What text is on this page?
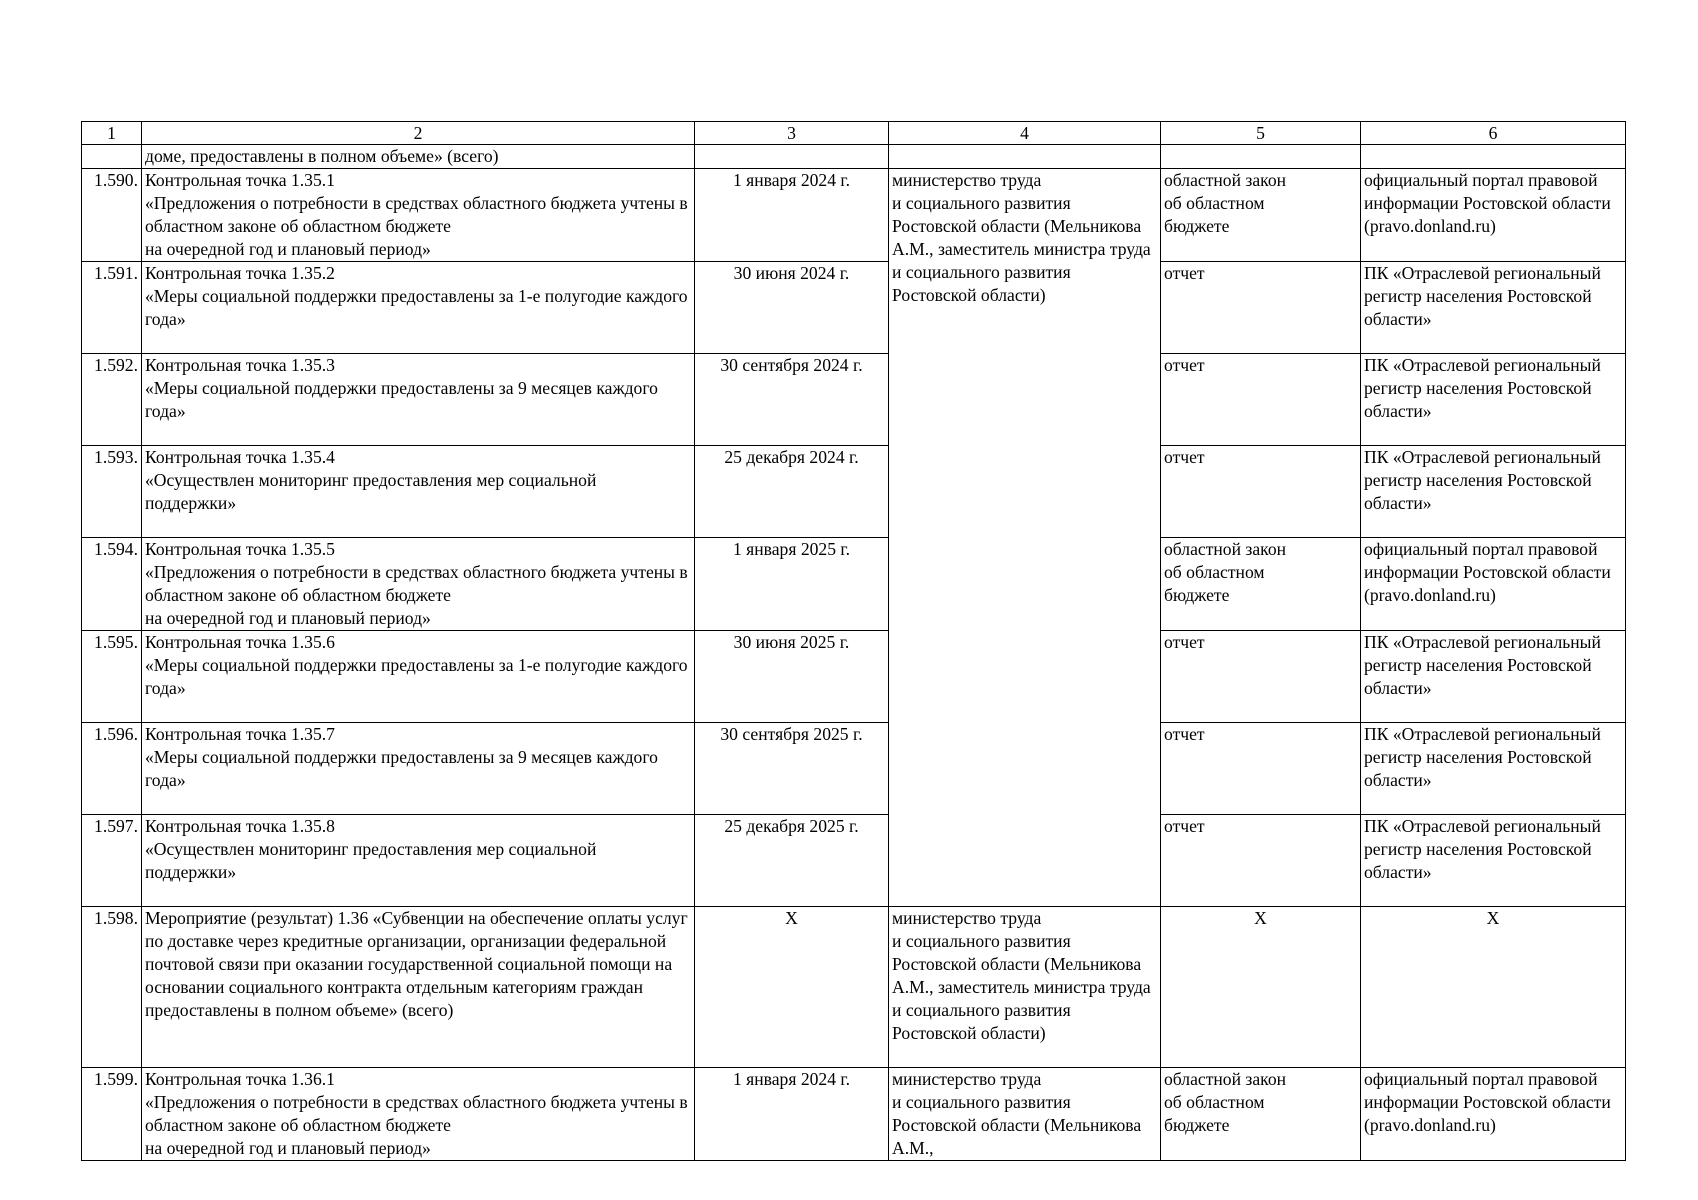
1	2	3	4	5	6
	доме, предоставлены в полном объеме» (всего)				
1.590.	Контрольная точка 1.35.1
«Предложения о потребности в средствах областного бюджета учтены в областном законе об областном бюджете
на очередной год и плановый период»	1 января 2024 г.	министерство труда
и социального развития Ростовской области (Мельникова А.М., заместитель министра труда и социального развития Ростовской области)	областной закон
об областном
бюджете	официальный портал правовой информации Ростовской области (pravo.donland.ru)
1.591.	Контрольная точка 1.35.2
«Меры социальной поддержки предоставлены за 1-е полугодие каждого года»	30 июня 2024 г.		отчет	ПК «Отраслевой региональный регистр населения Ростовской области»
1.592.	Контрольная точка 1.35.3
«Меры социальной поддержки предоставлены за 9 месяцев каждого года»	30 сентября 2024 г.		отчет	ПК «Отраслевой региональный регистр населения Ростовской области»
1.593.	Контрольная точка 1.35.4
«Осуществлен мониторинг предоставления мер социальной поддержки»	25 декабря 2024 г.		отчет	ПК «Отраслевой региональный регистр населения Ростовской области»
1.594.	Контрольная точка 1.35.5
«Предложения о потребности в средствах областного бюджета учтены в областном законе об областном бюджете
на очередной год и плановый период»	1 января 2025 г.		областной закон
об областном
бюджете	официальный портал правовой информации Ростовской области (pravo.donland.ru)
1.595.	Контрольная точка 1.35.6
«Меры социальной поддержки предоставлены за 1-е полугодие каждого года»	30 июня 2025 г.		отчет	ПК «Отраслевой региональный регистр населения Ростовской области»
1.596.	Контрольная точка 1.35.7
«Меры социальной поддержки предоставлены за 9 месяцев каждого года»	30 сентября 2025 г.		отчет	ПК «Отраслевой региональный регистр населения Ростовской области»
1.597.	Контрольная точка 1.35.8
«Осуществлен мониторинг предоставления мер социальной поддержки»	25 декабря 2025 г.		отчет	ПК «Отраслевой региональный регистр населения Ростовской области»
1.598.	Мероприятие (результат) 1.36 «Субвенции на обеспечение оплаты услуг по доставке через кредитные организации, организации федеральной почтовой связи при оказании государственной социальной помощи на основании социального контракта отдельным категориям граждан предоставлены в полном объеме» (всего)	Х	министерство труда
и социального развития Ростовской области (Мельникова А.М., заместитель министра труда и социального развития Ростовской области)	Х	Х
1.599.	Контрольная точка 1.36.1
«Предложения о потребности в средствах областного бюджета учтены в областном законе об областном бюджете
на очередной год и плановый период»	1 января 2024 г.	министерство труда
и социального развития Ростовской области (Мельникова А.М.,	областной закон
об областном
бюджете	официальный портал правовой информации Ростовской области (pravo.donland.ru)
